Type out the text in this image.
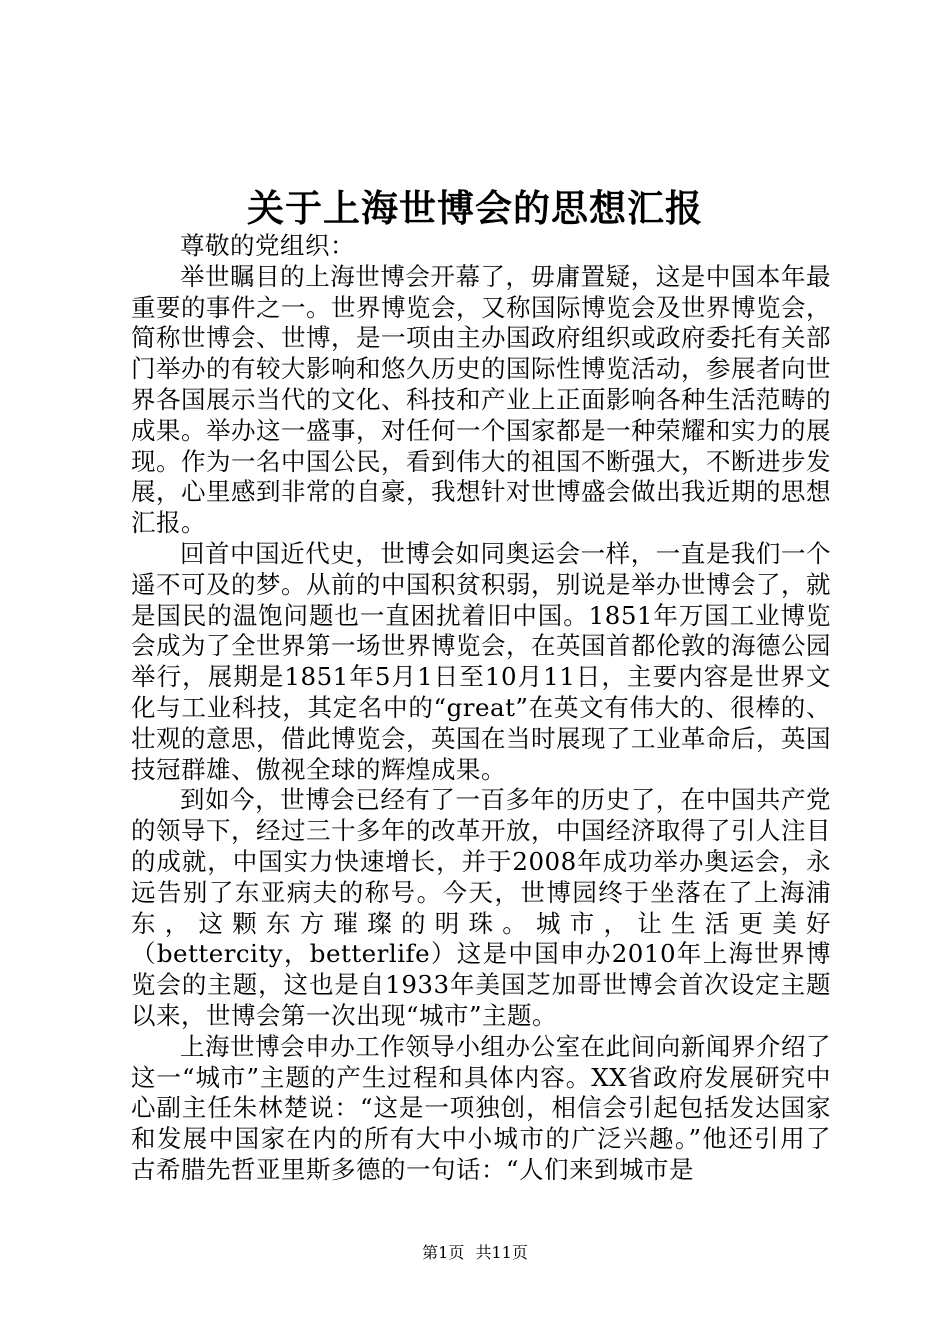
关于上海世博会的思想汇报

尊敬的党组织：

举世瞩目的上海世博会开幕了，毋庸置疑，这是中国本年最重要的事件之一。世界博览会，又称国际博览会及世界博览会，简称世博会、世博，是一项由主办国政府组织或政府委托有关部门举办的有较大影响和悠久历史的国际性博览活动，参展者向世界各国展示当代的文化、科技和产业上正面影响各种生活范畴的成果。举办这一盛事，对任何一个国家都是一种荣耀和实力的展现。作为一名中国公民，看到伟大的祖国不断强大，不断进步发展，心里感到非常的自豪，我想针对世博盛会做出我近期的思想汇报。

回首中国近代史，世博会如同奥运会一样，一直是我们一个遥不可及的梦。从前的中国积贫积弱，别说是举办世博会了，就是国民的温饱问题也一直困扰着旧中国。1851年万国工业博览会成为了全世界第一场世界博览会，在英国首都伦敦的海德公园举行，展期是1851年5月1日至10月11日，主要内容是世界文化与工业科技，其定名中的“great”在英文有伟大的、很棒的、壮观的意思，借此博览会，英国在当时展现了工业革命后，英国技冠群雄、傲视全球的辉煌成果。

到如今，世博会已经有了一百多年的历史了，在中国共产党的领导下，经过三十多年的改革开放，中国经济取得了引人注目的成就，中国实力快速增长，并于2008年成功举办奥运会，永远告别了东亚病夫的称号。今天，世博园终于坐落在了上海浦东，这颗东方璀璨的明珠。城市，让生活更美好（bettercity，betterlife）这是中国申办2010年上海世界博览会的主题，这也是自1933年美国芝加哥世博会首次设定主题以来，世博会第一次出现“城市”主题。

上海世博会申办工作领导小组办公室在此间向新闻界介绍了这一“城市”主题的产生过程和具体内容。XX省政府发展研究中心副主任朱林楚说：“这是一项独创，相信会引起包括发达国家和发展中国家在内的所有大中小城市的广泛兴趣。”他还引用了古希腊先哲亚里斯多德的一句话：“人们来到城市是

第1页 共11页
